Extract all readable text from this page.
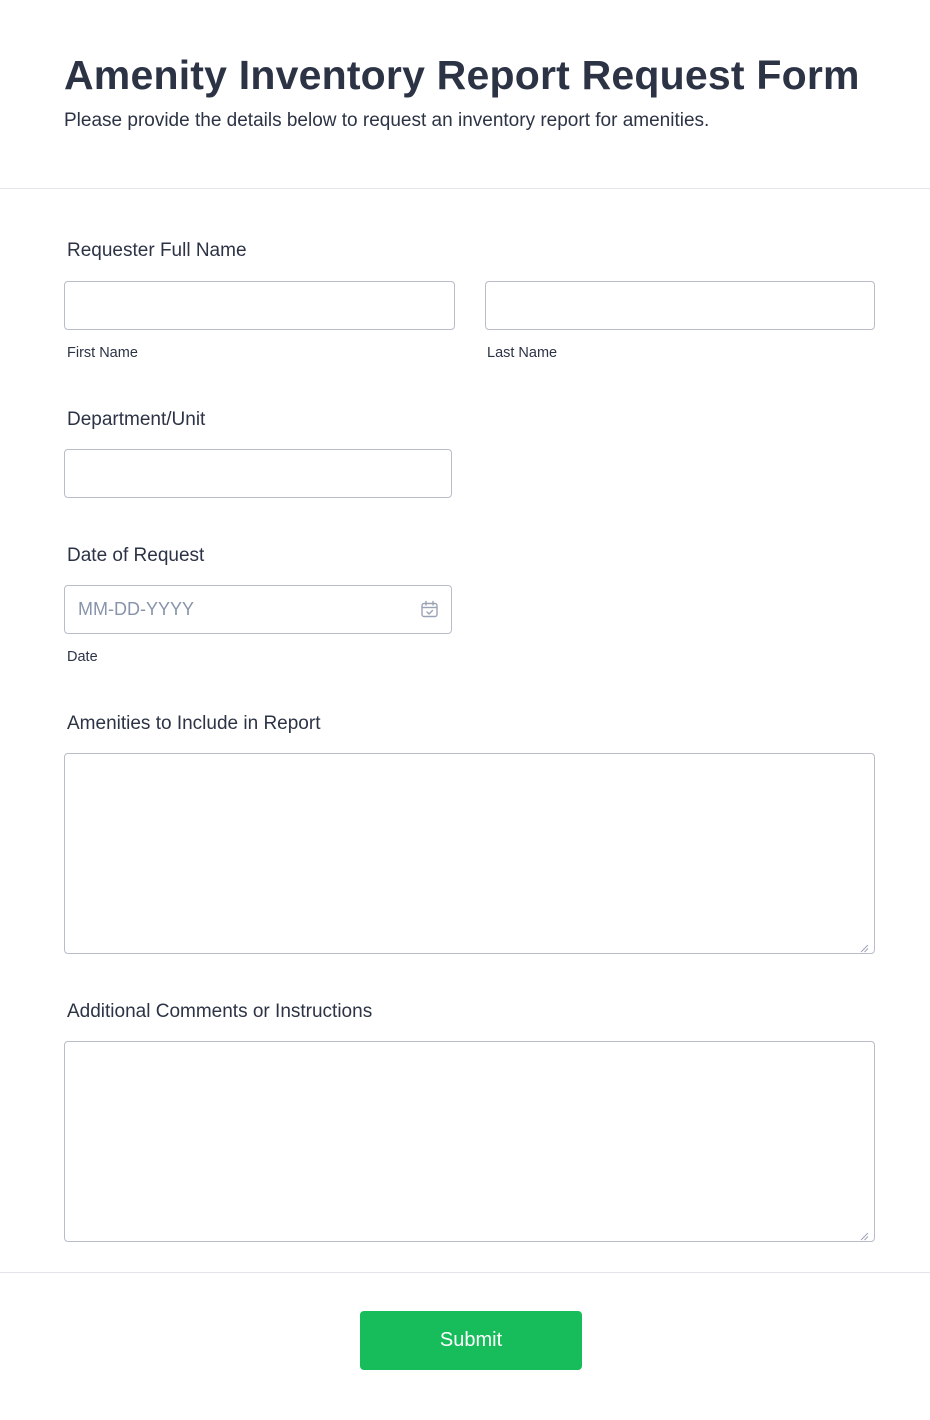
Amenity Inventory Report Request Form

Please provide the details below to request an inventory report for amenities.

Requester Full Name
First Name	Last Name
Department/Unit
Date of Request
MM-DD-YYYY
Date
Amenities to Include in Report
Additional Comments or Instructions
Submit
